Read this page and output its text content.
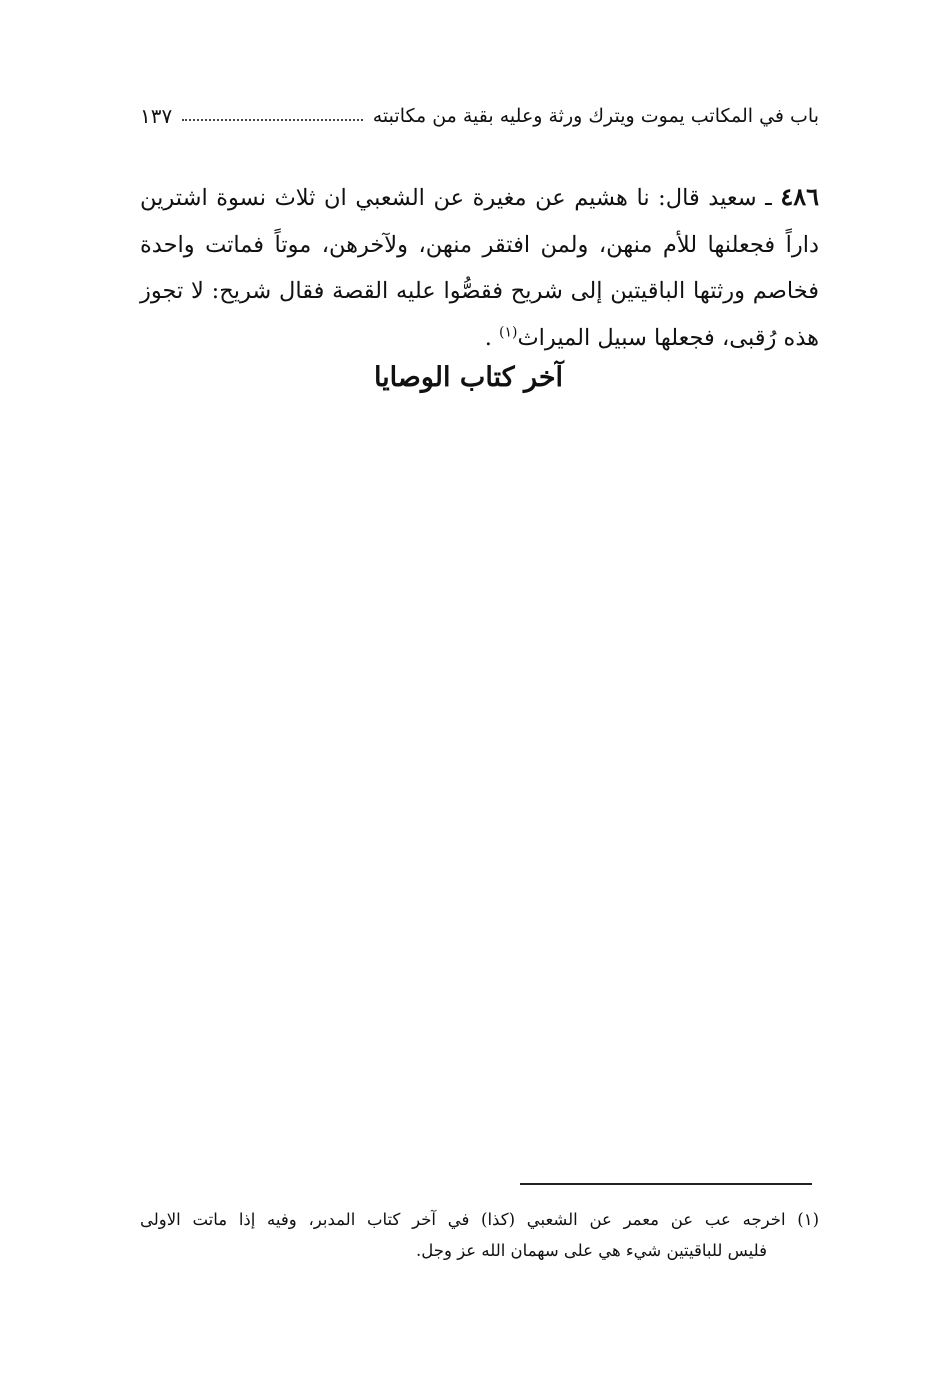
باب في المكاتب يموت ويترك ورثة وعليه بقية من مكاتبته
١٣٧
٤٨٦ ـ سعيد قال: نا هشيم عن مغيرة عن الشعبي ان ثلاث نسوة اشترين
داراً فجعلنها للأم منهن، ولمن افتقر منهن، ولآخرهن، موتاً فماتت واحدة
فخاصم ورثتها الباقيتين إلى شريح فقصُّوا عليه القصة فقال شريح: لا تجوز
هذه رُقبى، فجعلها سبيل الميراث$^{(١)}$ .
آخر كتاب الوصايا
(١) اخرجه عب عن معمر عن الشعبي (كذا) في آخر كتاب المدبر، وفيه إذا ماتت الاولى
فليس للباقيتين شيء هي على سهمان الله عز وجل.
